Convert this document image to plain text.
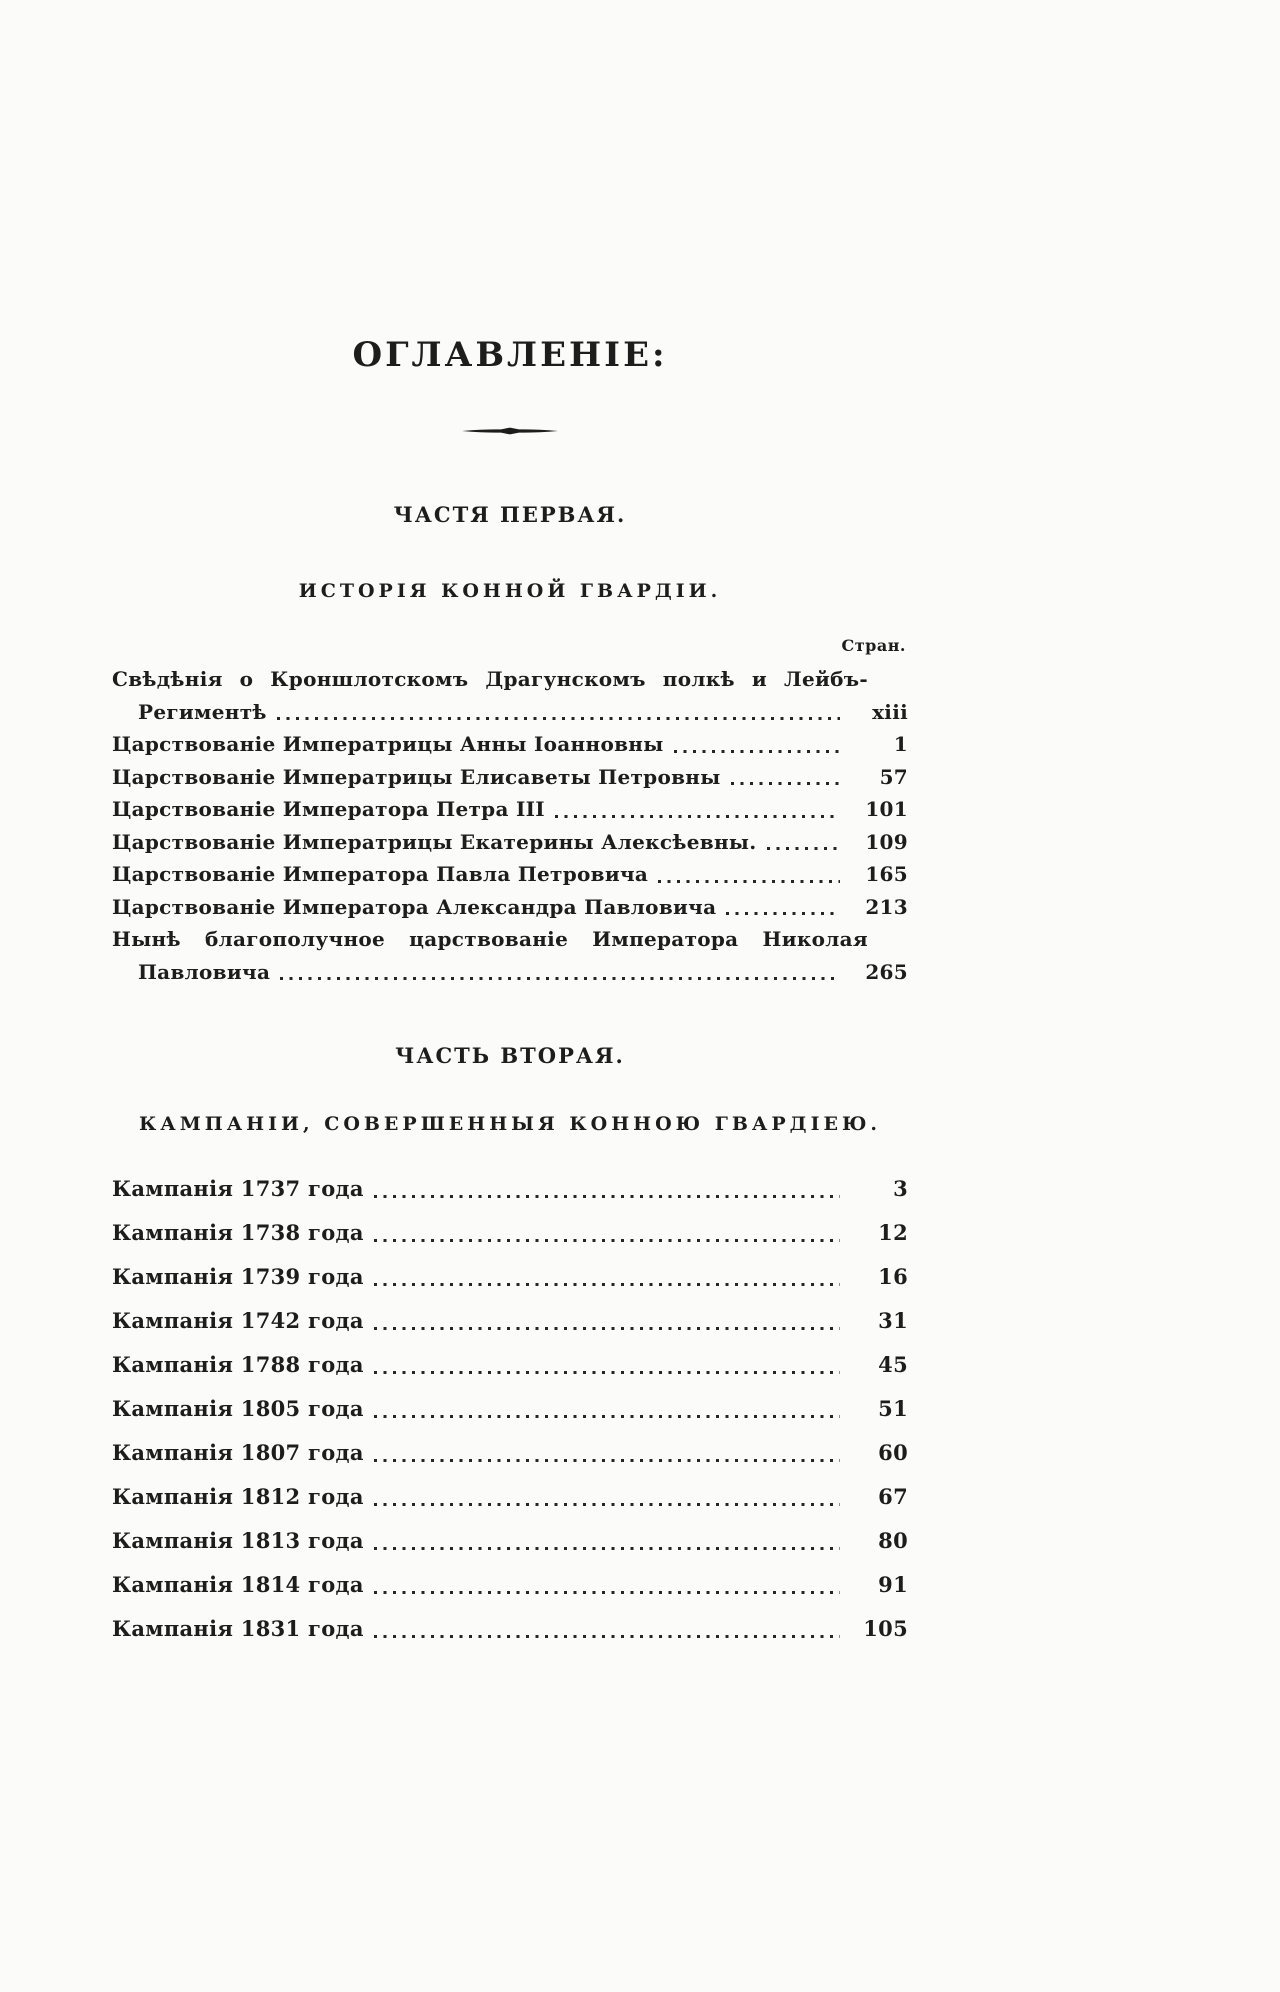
ОГЛАВЛЕНІЕ:
ЧАСТЯ ПЕРВАЯ.
ИСТОРІЯ КОННОЙ ГВАРДІИ.
Стран.
Свѣдѣнія о Кроншлотскомъ Драгунскомъ полкѣ и Лейбъ-
Региментѣ	xiii
Царствованіе Императрицы Анны Іоанновны	1
Царствованіе Императрицы Елисаветы Петровны	57
Царствованіе Императора Петра III	101
Царствованіе Императрицы Екатерины Алексѣевны.	109
Царствованіе Императора Павла Петровича	165
Царствованіе Императора Александра Павловича	213
Нынѣ благополучное царствованіе Императора Николая
Павловича	265
ЧАСТЬ ВТОРАЯ.
КАМПАНІИ, СОВЕРШЕННЫЯ КОННОЮ ГВАРДІЕЮ.
Кампанія 1737 года	3
Кампанія 1738 года	12
Кампанія 1739 года	16
Кампанія 1742 года	31
Кампанія 1788 года	45
Кампанія 1805 года	51
Кампанія 1807 года	60
Кампанія 1812 года	67
Кампанія 1813 года	80
Кампанія 1814 года	91
Кампанія 1831 года	105
